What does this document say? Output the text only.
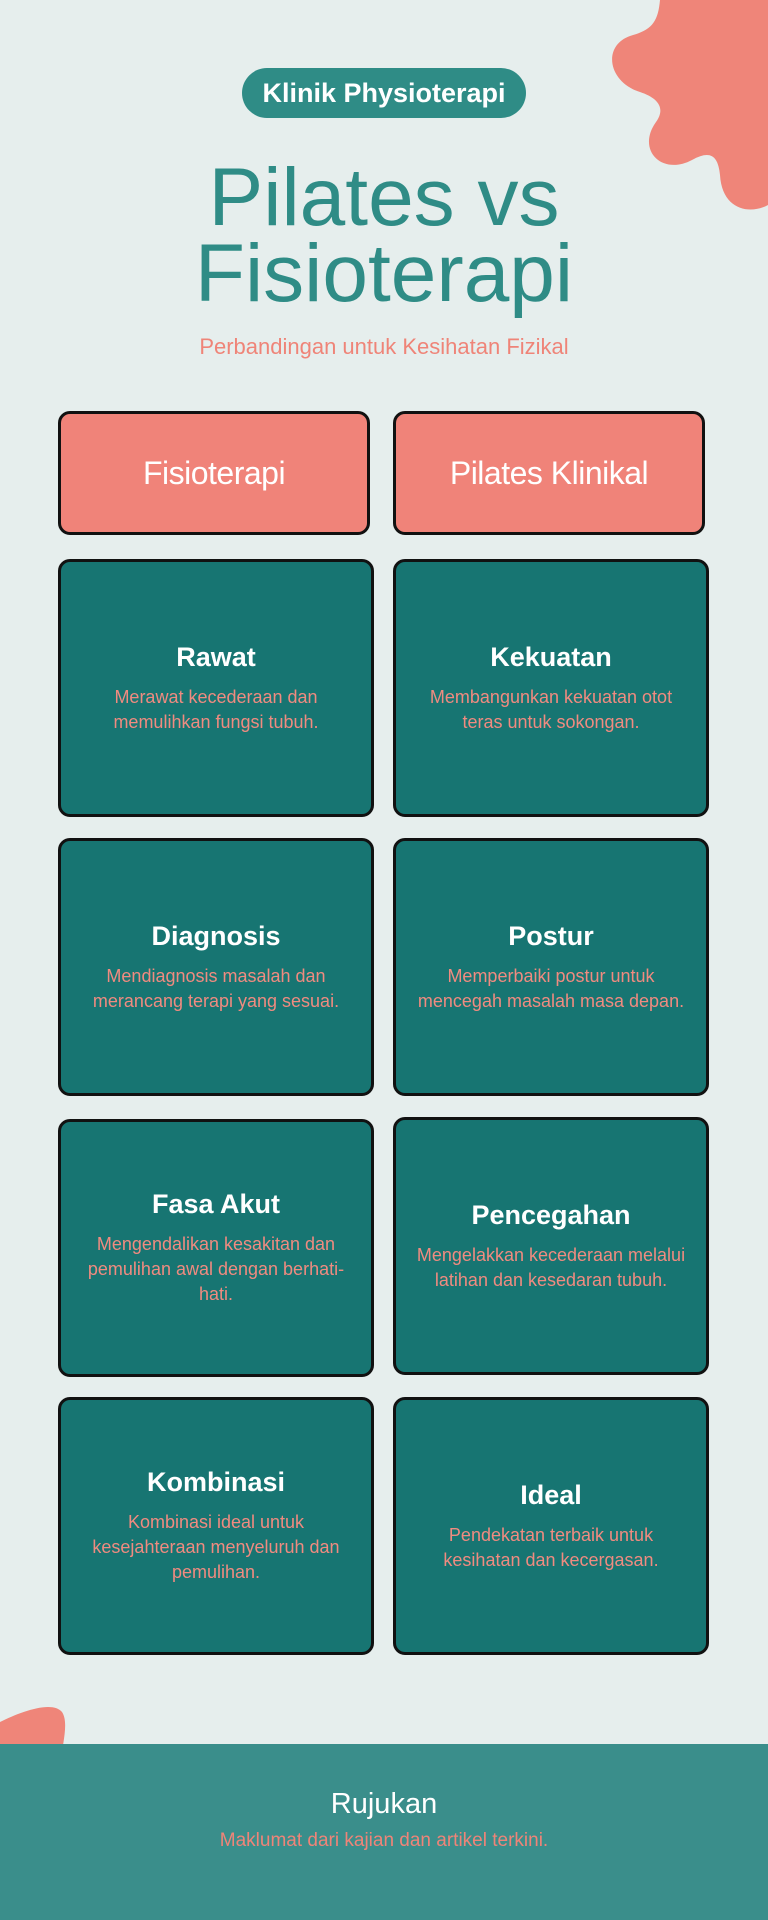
Klinik Physioterapi
Pilates vs
Fisioterapi
Perbandingan untuk Kesihatan Fizikal
Fisioterapi	Pilates Klinikal
Rawat
Merawat kecederaan dan memulihkan fungsi tubuh.
Kekuatan
Membangunkan kekuatan otot teras untuk sokongan.
Diagnosis
Mendiagnosis masalah dan merancang terapi yang sesuai.
Postur
Memperbaiki postur untuk mencegah masalah masa depan.
Fasa Akut
Mengendalikan kesakitan dan pemulihan awal dengan berhati-hati.
Pencegahan
Mengelakkan kecederaan melalui latihan dan kesedaran tubuh.
Kombinasi
Kombinasi ideal untuk kesejahteraan menyeluruh dan pemulihan.
Ideal
Pendekatan terbaik untuk kesihatan dan kecergasan.
Rujukan
Maklumat dari kajian dan artikel terkini.
